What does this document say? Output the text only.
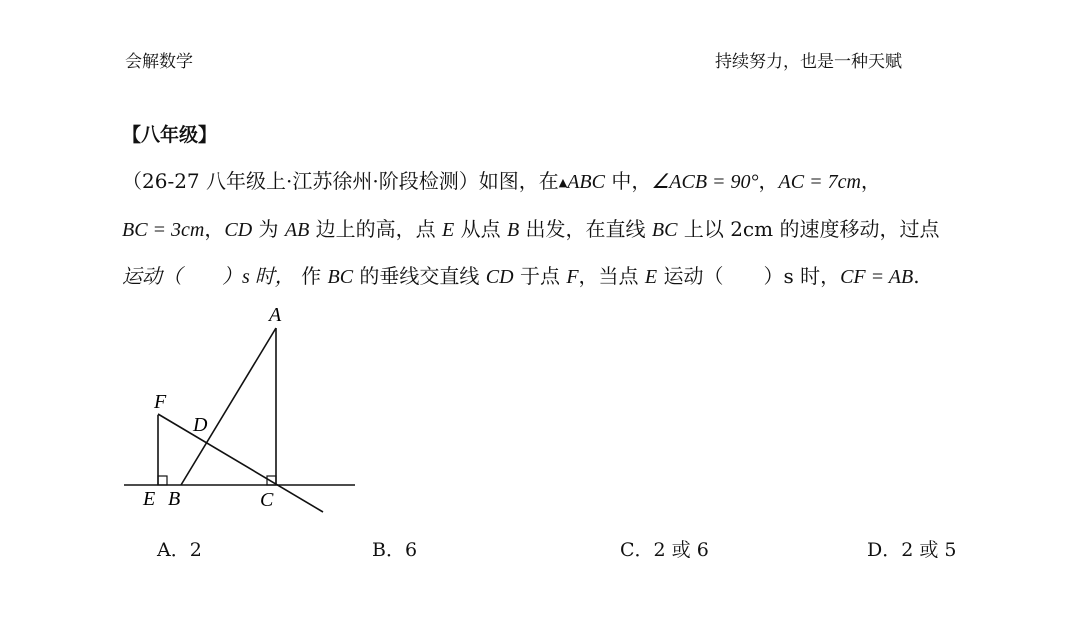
会解数学	持续努力，也是一种天赋
【八年级】
（26-27 八年级上·江苏徐州·阶段检测）如图，在▲ABC 中，∠ACB = 90°，AC = 7cm，
BC = 3cm，CD 为 AB 边上的高，点 E 从点 B 出发，在直线 BC 上以 2cm 的速度移动，过点
运动（　　）s 时， 作 BC 的垂线交直线 CD 于点 F，当点 E 运动（　　）s 时，CF = AB.
A
F
D
E B	C
A．2	B．6	C．2 或 6	D．2 或 5
